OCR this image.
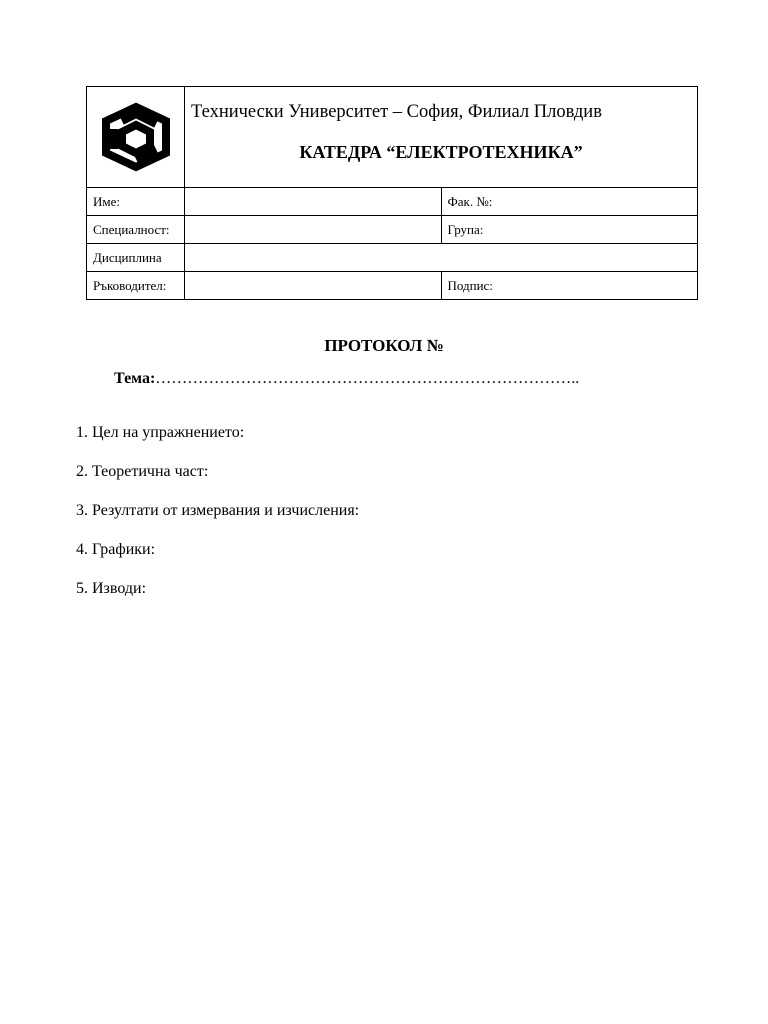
Технически Университет – София, Филиал Пловдив
КАТЕДРА “ЕЛЕКТРОТЕХНИКА”	

Име:		Фак. №:
Специалност:		Група:
Дисциплина		
Ръководител:		Подпис:
ПРОТОКОЛ №
Тема:……………………………………………………………………..
1. Цел на упражнението:
2. Теоретична част:
3. Резултати от измервания и изчисления:
4. Графики:
5. Изводи:
